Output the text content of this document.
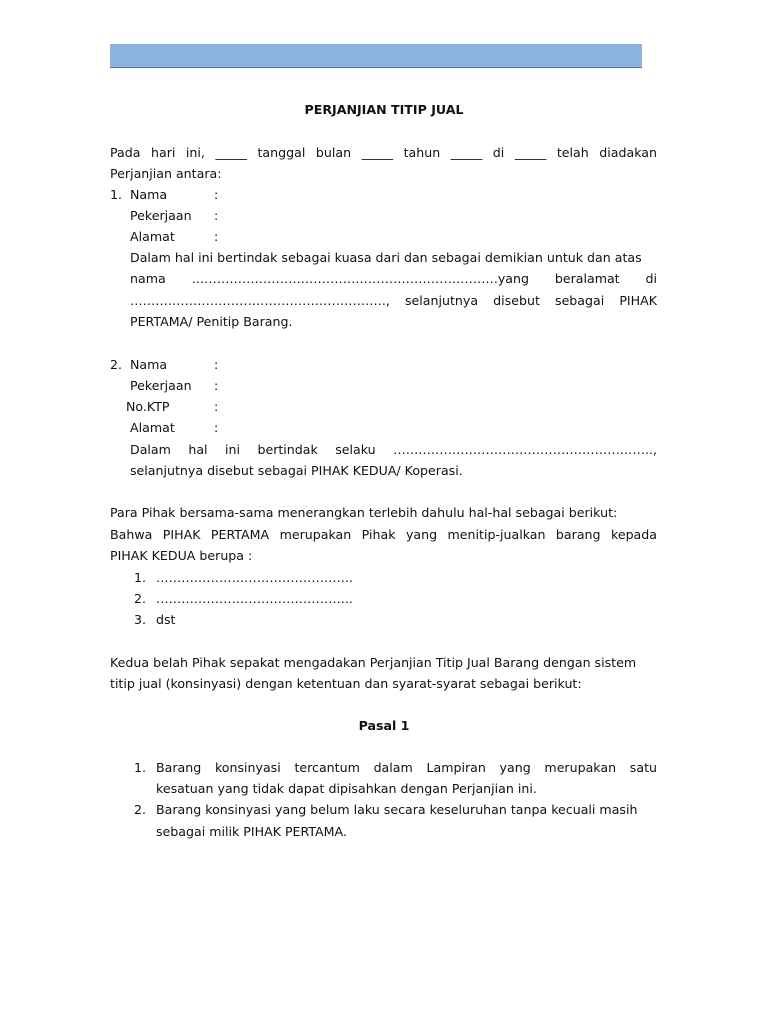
PERJANJIAN TITIP JUAL
Pada hari ini, _____ tanggal bulan _____ tahun _____ di _____ telah diadakan
Perjanjian antara:
1. Nama	:
Pekerjaan :
Alamat	:
Dalam hal ini bertindak sebagai kuasa dari dan sebagai demikian untuk dan atas
nama ……………………………………………………………….yang beralamat di
……………………………………………………., selanjutnya disebut sebagai PIHAK
PERTAMA/ Penitip Barang.
2. Nama	:
Pekerjaan :
No.KTP	:
Alamat	:
Dalam hal ini bertindak selaku ……………………………………………………..,
selanjutnya disebut sebagai PIHAK KEDUA/ Koperasi.
Para Pihak bersama-sama menerangkan terlebih dahulu hal-hal sebagai berikut:
Bahwa PIHAK PERTAMA merupakan Pihak yang menitip-jualkan barang kepada
PIHAK KEDUA berupa :
1. ………………………………………..
2. ………………………………………..
3. dst
Kedua belah Pihak sepakat mengadakan Perjanjian Titip Jual Barang dengan sistem
titip jual (konsinyasi) dengan ketentuan dan syarat-syarat sebagai berikut:
Pasal 1
1. Barang konsinyasi tercantum dalam Lampiran yang merupakan satu
kesatuan yang tidak dapat dipisahkan dengan Perjanjian ini.
2. Barang konsinyasi yang belum laku secara keseluruhan tanpa kecuali masih
sebagai milik PIHAK PERTAMA.
